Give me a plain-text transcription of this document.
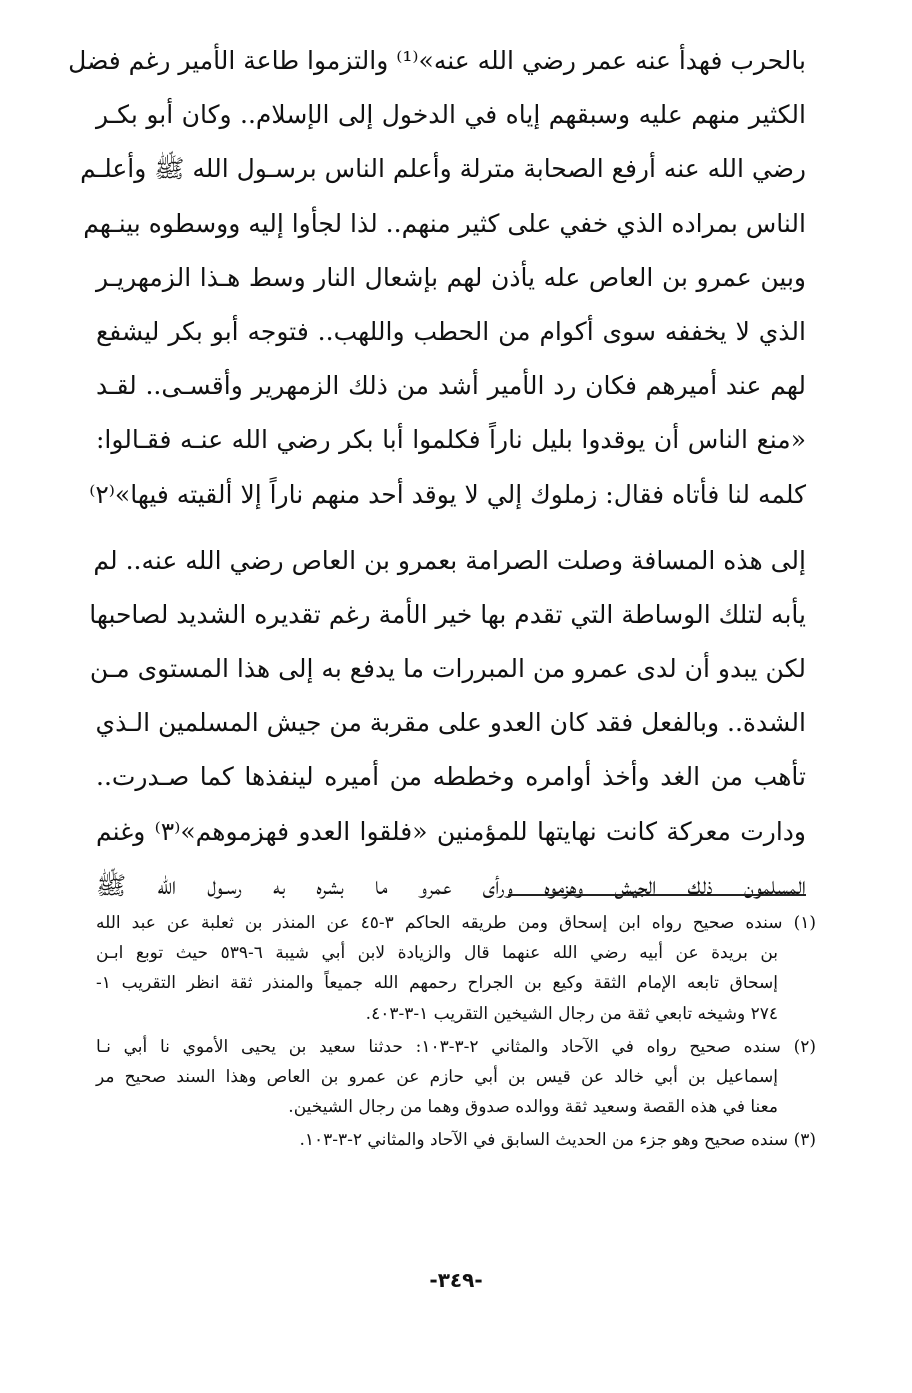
بالحرب فهدأ عنه عمر رضي الله عنه»⁽¹⁾ والتزموا طاعة الأمير رغم فضل
الكثير منهم عليه وسبقهم إياه في الدخول إلى الإسلام.. وكان أبو بكـر
رضي الله عنه أرفع الصحابة مترلة وأعلم الناس برسـول الله ﷺ وأعلـم
الناس بمراده الذي خفي على كثير منهم.. لذا لجأوا إليه ووسطوه بينـهم
وبين عمرو بن العاص عله يأذن لهم بإشعال النار وسط هـذا الزمهريـر
الذي لا يخففه سوى أكوام من الحطب واللهب.. فتوجه أبو بكر ليشفع
لهم عند أميرهم فكان رد الأمير أشد من ذلك الزمهرير وأقسـى.. لقـد
«منع الناس أن يوقدوا بليل ناراً فكلموا أبا بكر رضي الله عنـه فقـالوا:
كلمه لنا فأتاه فقال: زملوك إلي لا يوقد أحد منهم ناراً إلا ألقيته فيها»⁽٢⁾
إلى هذه المسافة وصلت الصرامة بعمرو بن العاص رضي الله عنه.. لم
يأبه لتلك الوساطة التي تقدم بها خير الأمة رغم تقديره الشديد لصاحبها
لكن يبدو أن لدى عمرو من المبررات ما يدفع به إلى هذا المستوى مـن
الشدة.. وبالفعل فقد كان العدو على مقربة من جيش المسلمين الـذي
تأهب من الغد وأخذ أوامره وخططه من أميره لينفذها كما صـدرت..
ودارت معركة كانت نهايتها للمؤمنين «فلقوا العدو فهزموهم»⁽٣⁾ وغنم
المسلمون ذلك الجيش وهزموه ورأى عمرو ما بشره به رسـول الله ﷺ
(١) سنده صحيح رواه ابن إسحاق ومن طريقه الحاكم ٣-٤٥ عن المنذر بن ثعلبة عن عبد الله
بن بريدة عن أبيه رضي الله عنهما قال والزيادة لابن أبي شيبة ٦-٥٣٩ حيث توبع ابـن
إسحاق تابعه الإمام الثقة وكيع بن الجراح رحمهم الله جميعاً والمنذر ثقة انظر التقريب ١-
٢٧٤ وشيخه تابعي ثقة من رجال الشيخين التقريب ١-٣-٤٠٣.
(٢) سنده صحيح رواه في الآحاد والمثاني ٢-٣-١٠٣: حدثنا سعيد بن يحيى الأموي نا أبي نـا
إسماعيل بن أبي خالد عن قيس بن أبي حازم عن عمرو بن العاص وهذا السند صحيح مر
معنا في هذه القصة وسعيد ثقة ووالده صدوق وهما من رجال الشيخين.
(٣) سنده صحيح وهو جزء من الحديث السابق في الآحاد والمثاني ٢-٣-١٠٣.
-٣٤٩-
